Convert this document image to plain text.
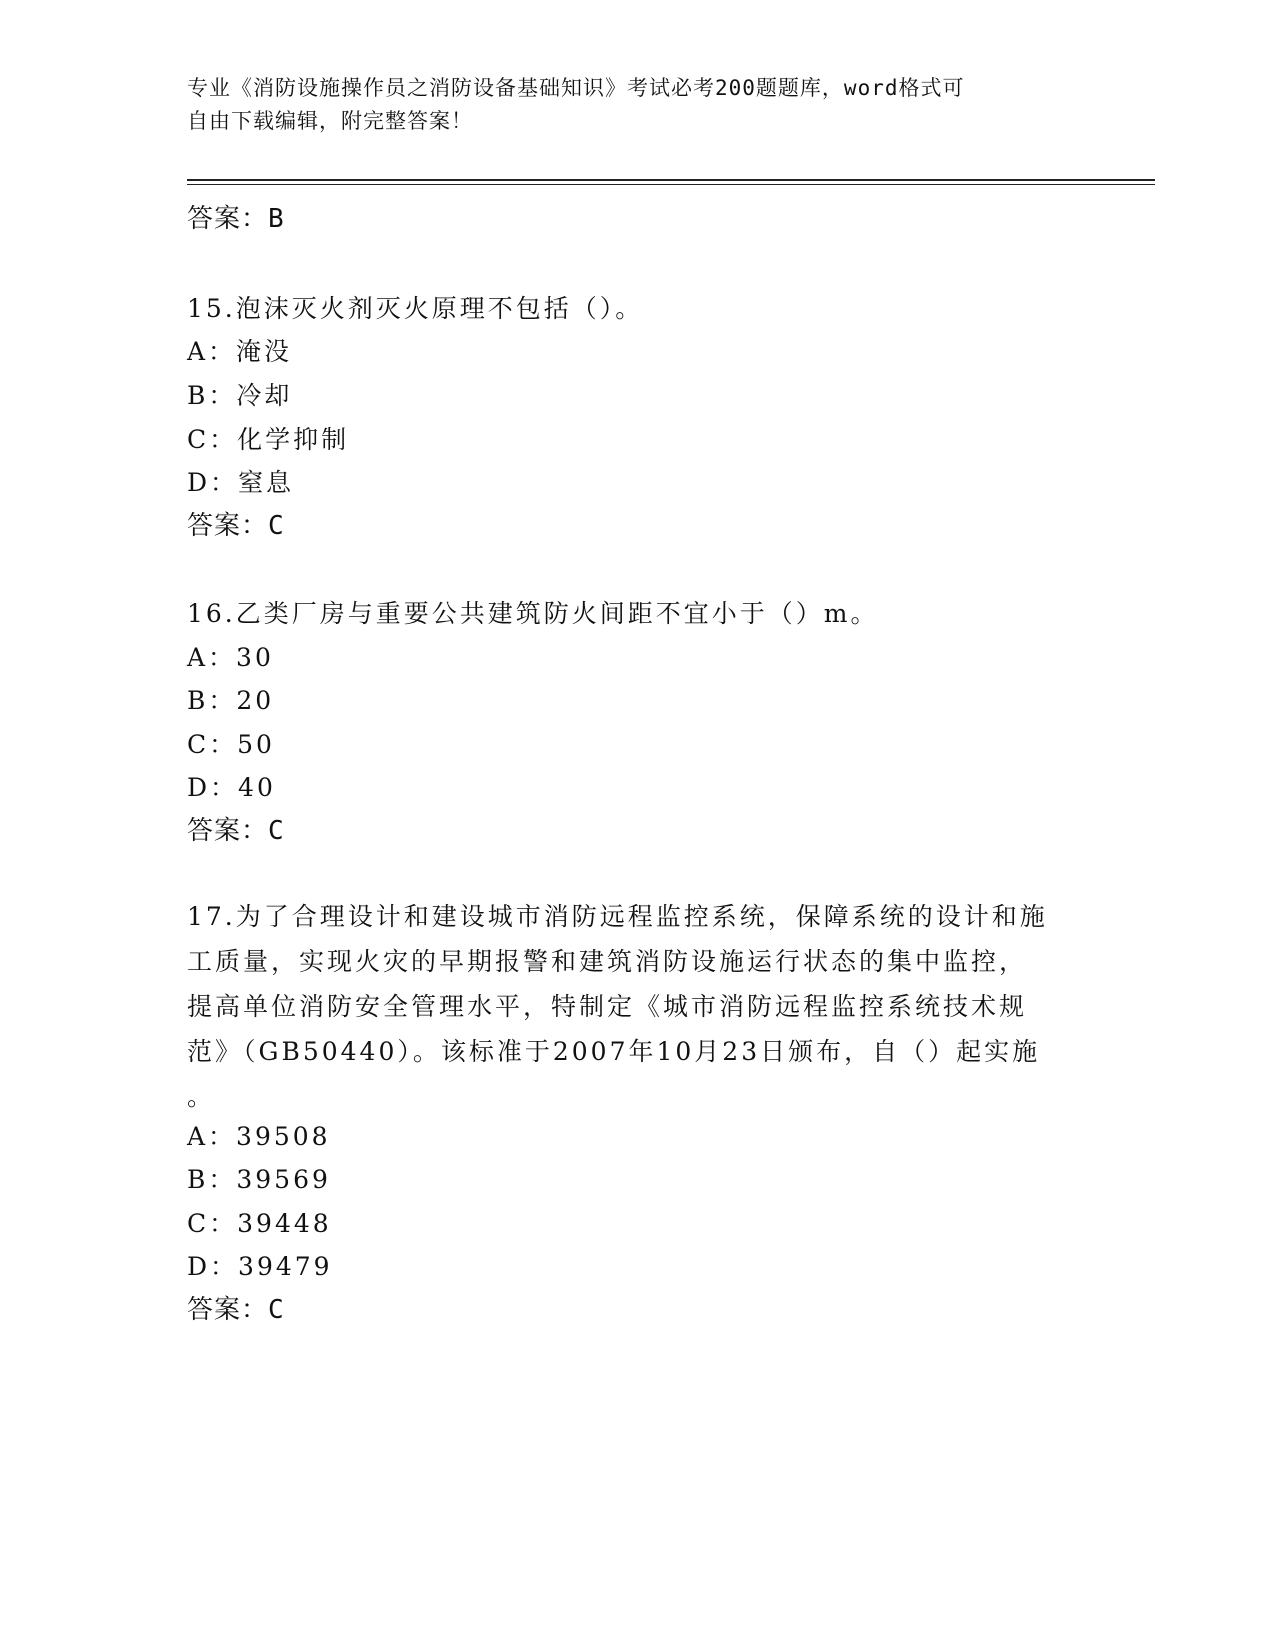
专业《消防设施操作员之消防设备基础知识》考试必考200题题库，word格式可
自由下载编辑，附完整答案！
答案：B
15.泡沫灭火剂灭火原理不包括（）。
A：淹没
B：冷却
C：化学抑制
D：窒息
答案：C
16.乙类厂房与重要公共建筑防火间距不宜小于（）m。
A：30
B：20
C：50
D：40
答案：C
17.为了合理设计和建设城市消防远程监控系统，保障系统的设计和施
工质量，实现火灾的早期报警和建筑消防设施运行状态的集中监控，
提高单位消防安全管理水平，特制定《城市消防远程监控系统技术规
范》（GB50440）。该标准于2007年10月23日颁布，自（）起实施
。
A：39508
B：39569
C：39448
D：39479
答案：C
